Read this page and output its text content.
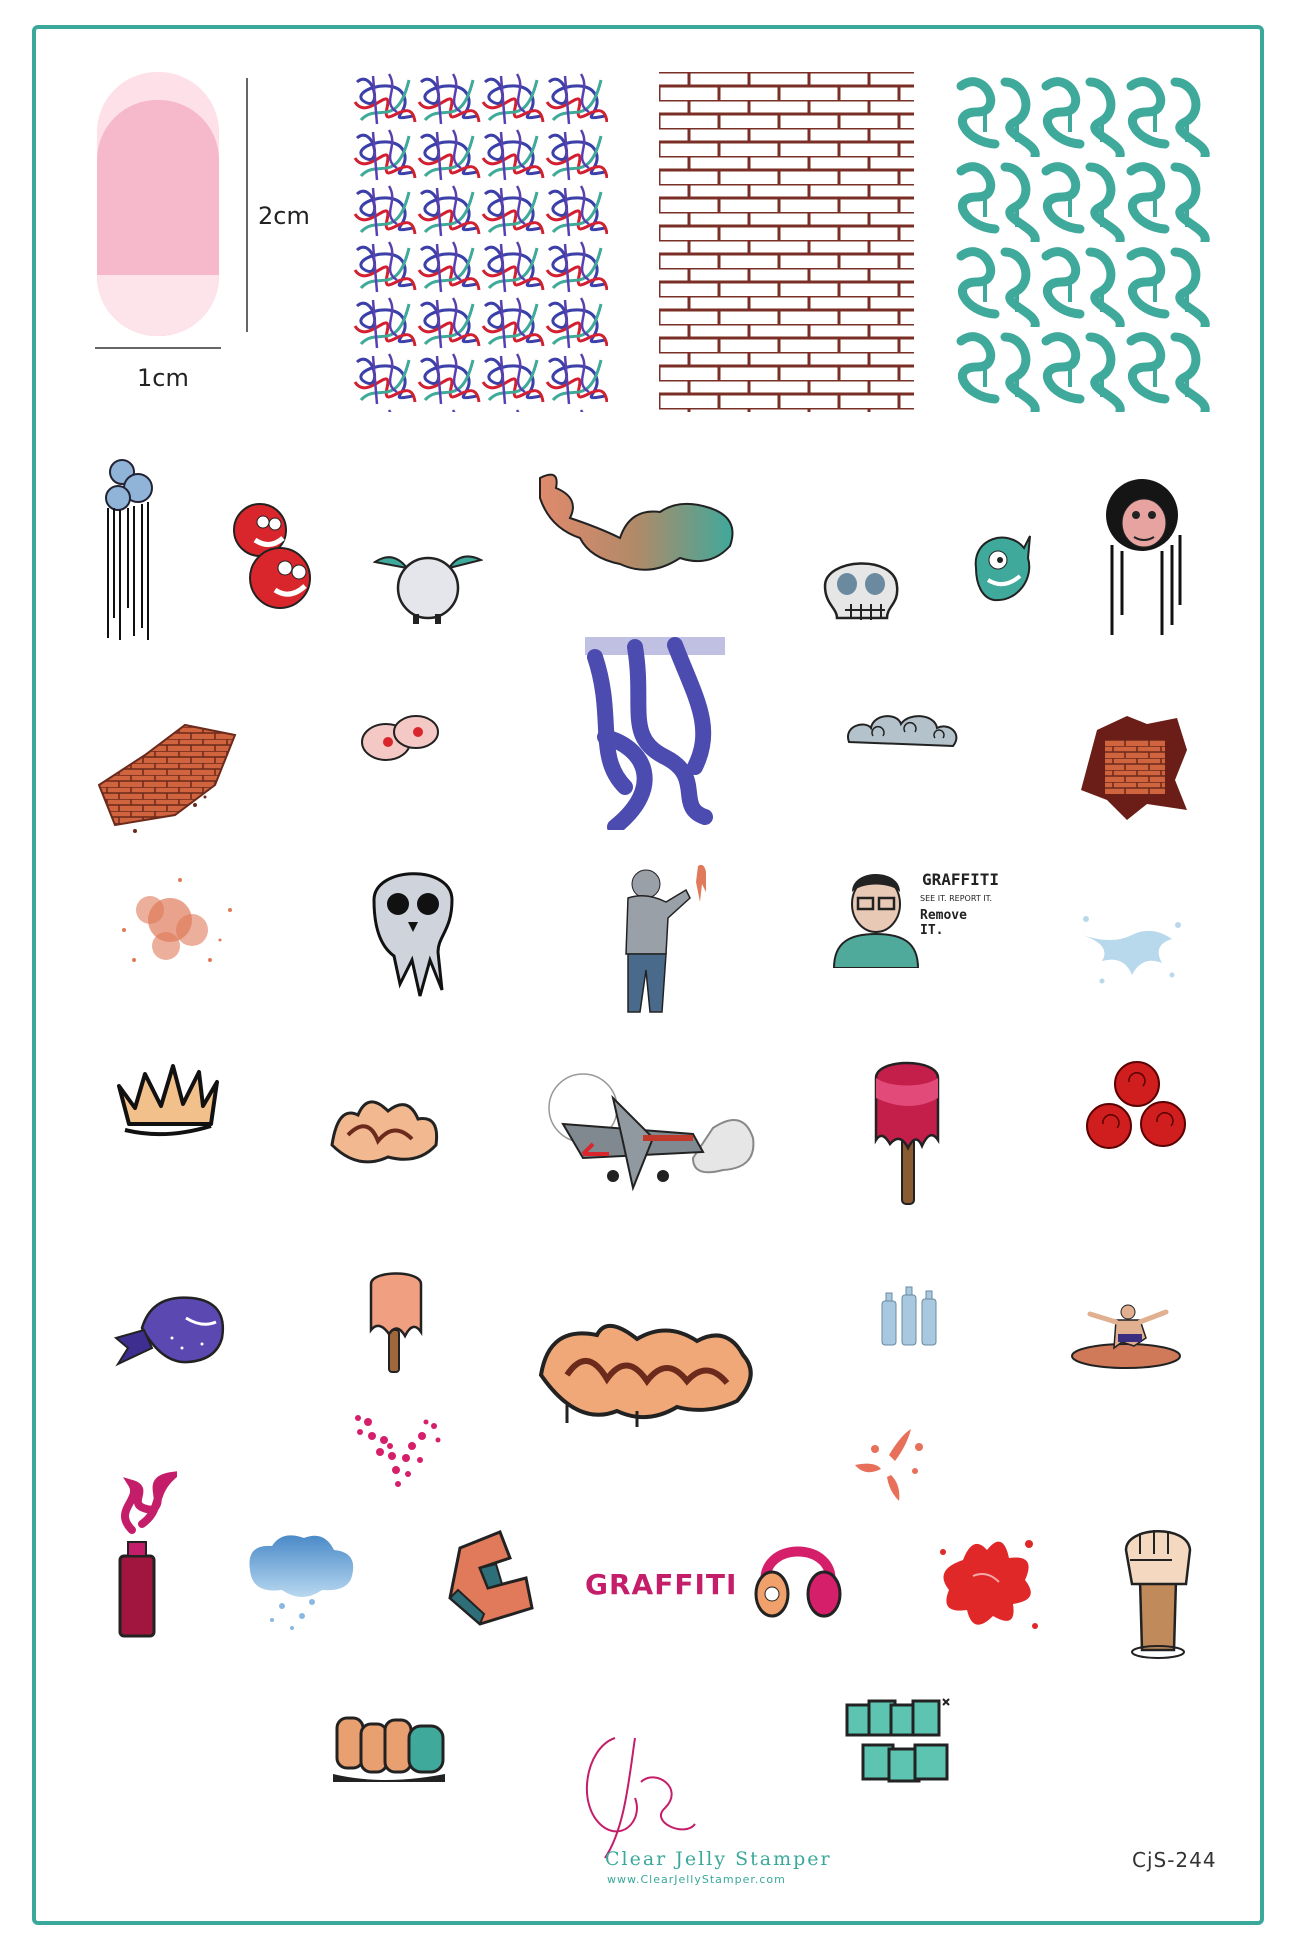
2cm
1cm
GRAFFITI
SEE IT. REPORT IT.
Remove IT.
GRAFFITI
Clear Jelly Stamper
www.ClearJellyStamper.com
CjS-244
